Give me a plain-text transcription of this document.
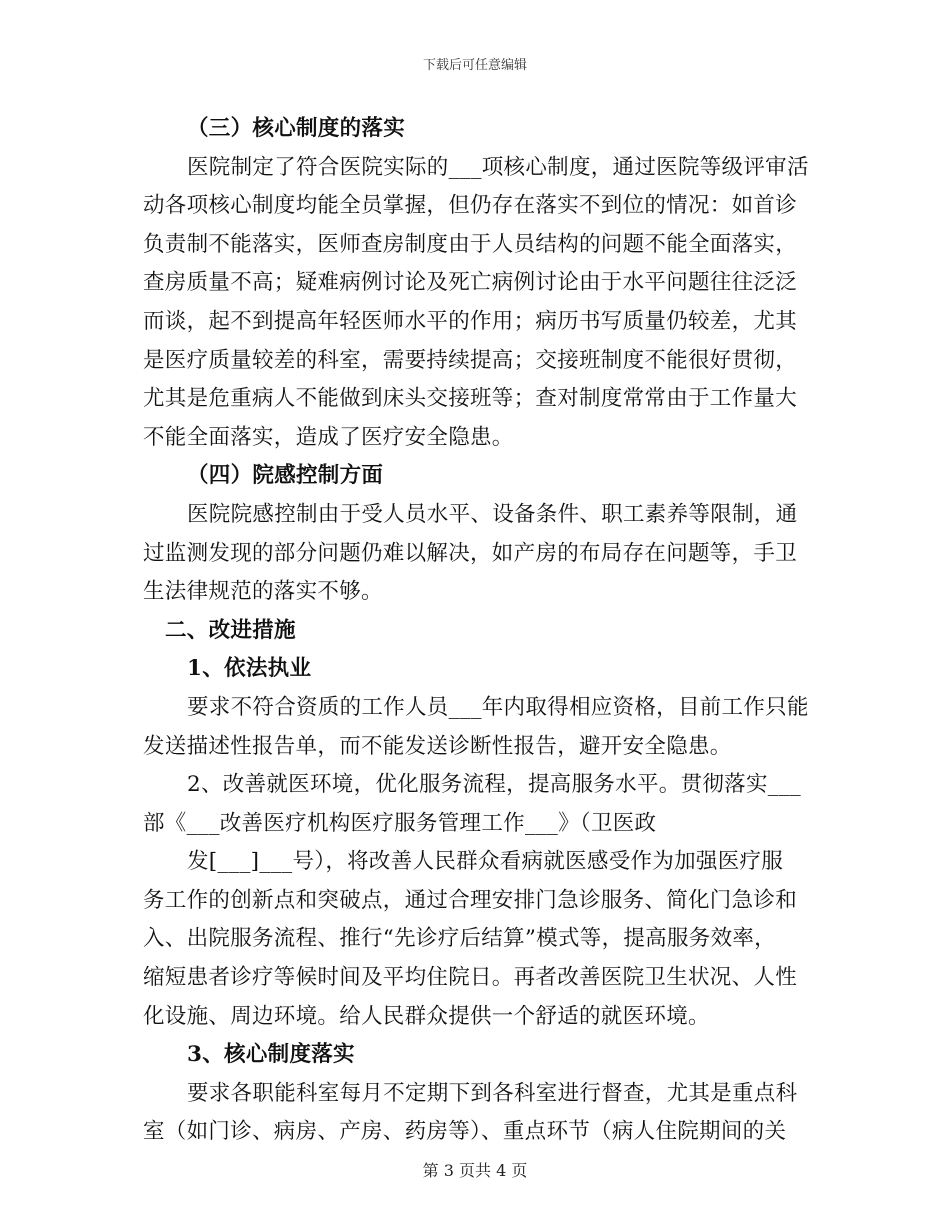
下载后可任意编辑
（三）核心制度的落实
医院制定了符合医院实际的___项核心制度，通过医院等级评审活
动各项核心制度均能全员掌握，但仍存在落实不到位的情况：如首诊
负责制不能落实，医师查房制度由于人员结构的问题不能全面落实，
查房质量不高；疑难病例讨论及死亡病例讨论由于水平问题往往泛泛
而谈，起不到提高年轻医师水平的作用；病历书写质量仍较差，尤其
是医疗质量较差的科室，需要持续提高；交接班制度不能很好贯彻，
尤其是危重病人不能做到床头交接班等；查对制度常常由于工作量大
不能全面落实，造成了医疗安全隐患。
（四）院感控制方面
医院院感控制由于受人员水平、设备条件、职工素养等限制，通
过监测发现的部分问题仍难以解决，如产房的布局存在问题等，手卫
生法律规范的落实不够。
二、改进措施
1、依法执业
要求不符合资质的工作人员___年内取得相应资格，目前工作只能
发送描述性报告单，而不能发送诊断性报告，避开安全隐患。
2、改善就医环境，优化服务流程，提高服务水平。贯彻落实___
部《___改善医疗机构医疗服务管理工作___》（卫医政
发[___]___号），将改善人民群众看病就医感受作为加强医疗服
务工作的创新点和突破点，通过合理安排门急诊服务、简化门急诊和
入、出院服务流程、推行“先诊疗后结算”模式等，提高服务效率，
缩短患者诊疗等候时间及平均住院日。再者改善医院卫生状况、人性
化设施、周边环境。给人民群众提供一个舒适的就医环境。
3、核心制度落实
要求各职能科室每月不定期下到各科室进行督查，尤其是重点科
室（如门诊、病房、产房、药房等）、重点环节（病人住院期间的关
第 3 页共 4 页
